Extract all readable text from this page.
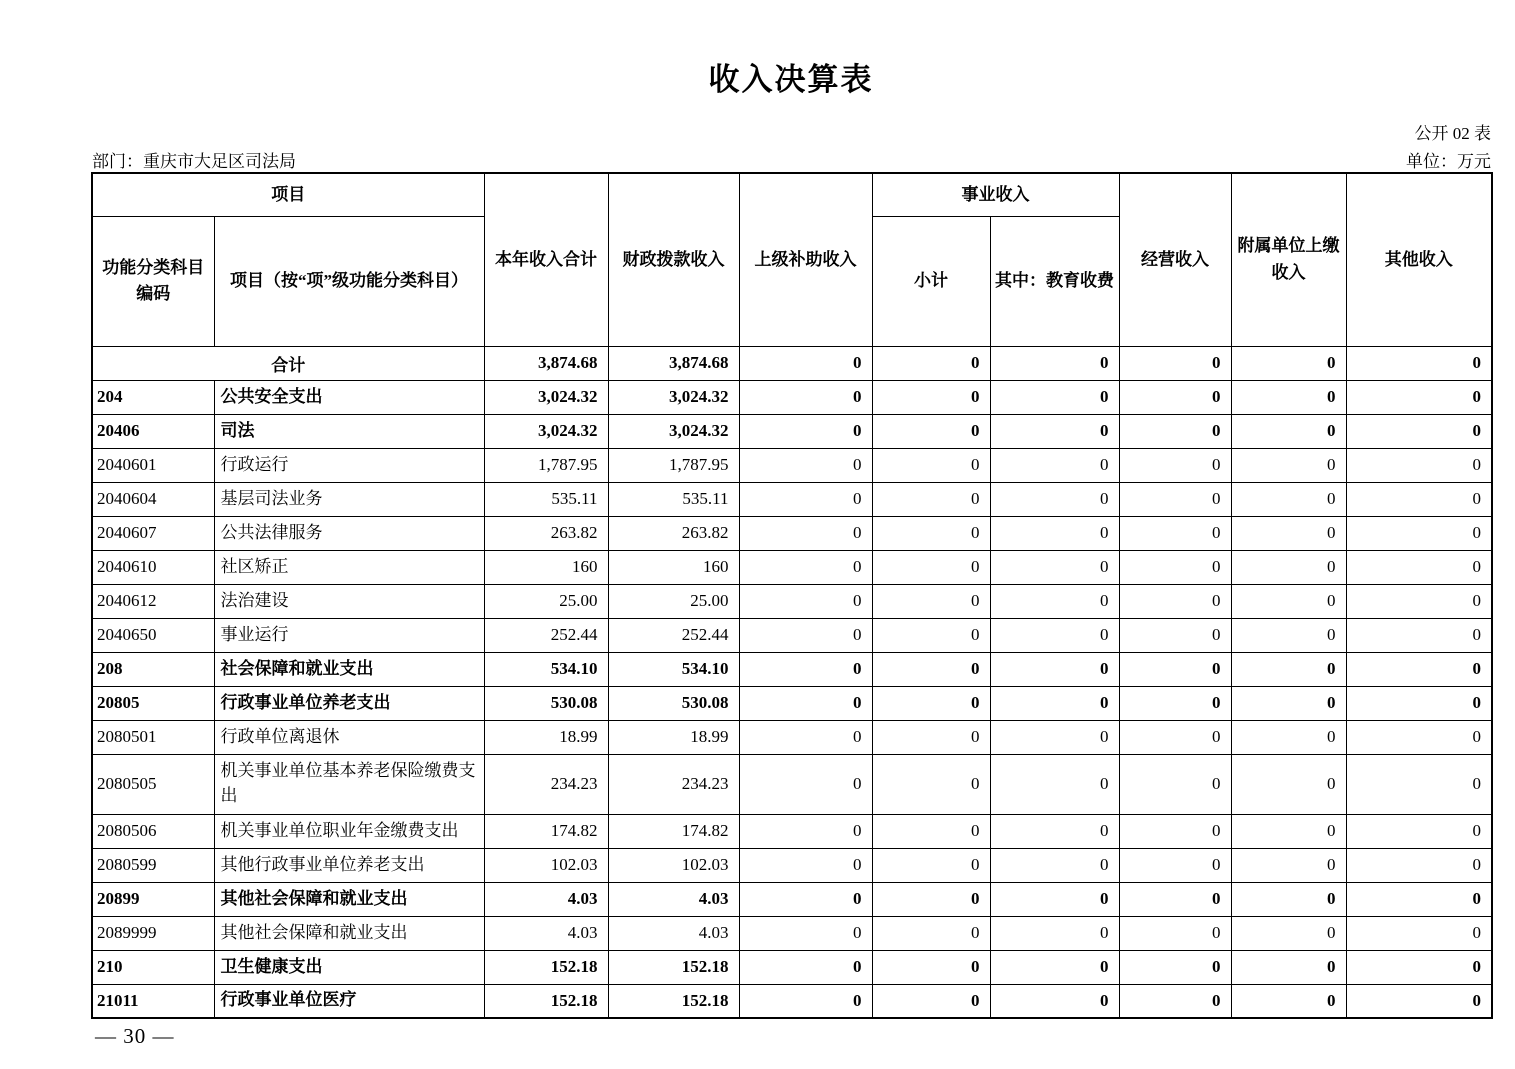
收入决算表
公开 02 表
部门：重庆市大足区司法局	单位：万元
项目		本年收入合计	财政拨款收入	上级补助收入	事业收入		经营收入	附属单位上缴收入	其他收入
功能分类科目编码	项目（按“项”级功能分类科目）				小计	其中：教育收费			
合计		3,874.68	3,874.68	0	0	0	0	0	0
204	公共安全支出	3,024.32	3,024.32	0	0	0	0	0	0
20406	司法	3,024.32	3,024.32	0	0	0	0	0	0
2040601	行政运行	1,787.95	1,787.95	0	0	0	0	0	0
2040604	基层司法业务	535.11	535.11	0	0	0	0	0	0
2040607	公共法律服务	263.82	263.82	0	0	0	0	0	0
2040610	社区矫正	160	160	0	0	0	0	0	0
2040612	法治建设	25.00	25.00	0	0	0	0	0	0
2040650	事业运行	252.44	252.44	0	0	0	0	0	0
208	社会保障和就业支出	534.10	534.10	0	0	0	0	0	0
20805	行政事业单位养老支出	530.08	530.08	0	0	0	0	0	0
2080501	行政单位离退休	18.99	18.99	0	0	0	0	0	0
2080505	机关事业单位基本养老保险缴费支出	234.23	234.23	0	0	0	0	0	0
2080506	机关事业单位职业年金缴费支出	174.82	174.82	0	0	0	0	0	0
2080599	其他行政事业单位养老支出	102.03	102.03	0	0	0	0	0	0
20899	其他社会保障和就业支出	4.03	4.03	0	0	0	0	0	0
2089999	其他社会保障和就业支出	4.03	4.03	0	0	0	0	0	0
210	卫生健康支出	152.18	152.18	0	0	0	0	0	0
21011	行政事业单位医疗	152.18	152.18	0	0	0	0	0	0
— 30 —
